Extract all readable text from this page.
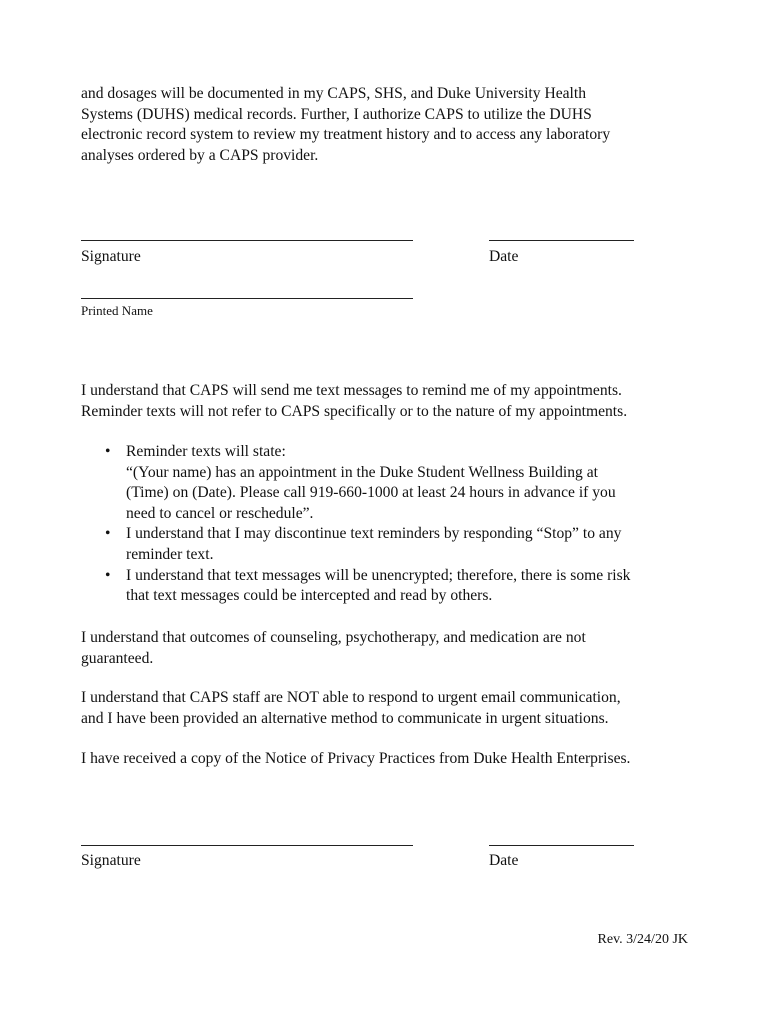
and dosages will be documented in my CAPS, SHS, and Duke University Health
Systems (DUHS) medical records. Further, I authorize CAPS to utilize the DUHS
electronic record system to review my treatment history and to access any laboratory
analyses ordered by a CAPS provider.

Signature	Date
Printed Name

I understand that CAPS will send me text messages to remind me of my appointments.
Reminder texts will not refer to CAPS specifically or to the nature of my appointments.

• Reminder texts will state:
“(Your name) has an appointment in the Duke Student Wellness Building at
(Time) on (Date). Please call 919-660-1000 at least 24 hours in advance if you
need to cancel or reschedule”.
• I understand that I may discontinue text reminders by responding “Stop” to any
reminder text.
• I understand that text messages will be unencrypted; therefore, there is some risk
that text messages could be intercepted and read by others.

I understand that outcomes of counseling, psychotherapy, and medication are not
guaranteed.

I understand that CAPS staff are NOT able to respond to urgent email communication,
and I have been provided an alternative method to communicate in urgent situations.

I have received a copy of the Notice of Privacy Practices from Duke Health Enterprises.

Signature	Date
Rev. 3/24/20 JK
